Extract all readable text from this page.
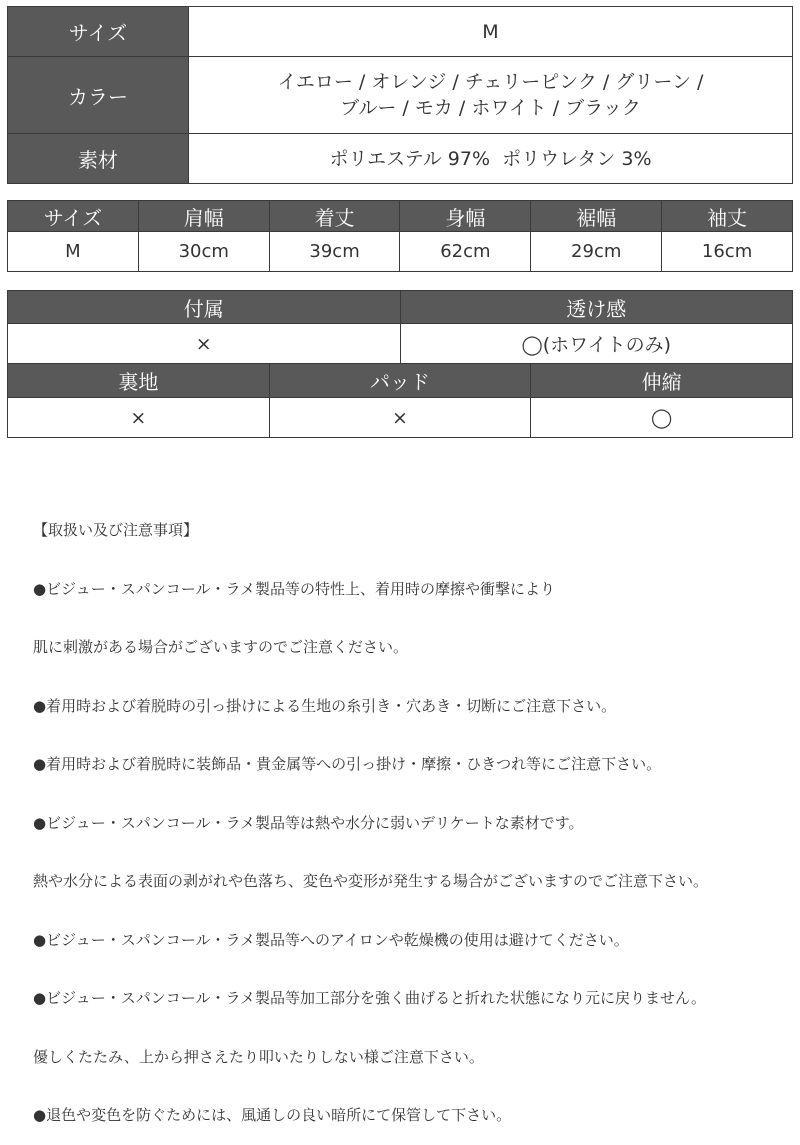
サイズ	M
カラー	イエロー / オレンジ / チェリーピンク / グリーン /
ブルー / モカ / ホワイト / ブラック

素材	ポリエステル 97%  ポリウレタン 3%
サイズ	肩幅	着丈	身幅	裾幅	袖丈
M	30cm	39cm	62cm	29cm	16cm
付属	透け感
×	◯(ホワイトのみ)
裏地	パッド	伸縮
×	×	◯

【取扱い及び注意事項】

●ビジュー・スパンコール・ラメ製品等の特性上、着用時の摩擦や衝撃により

肌に刺激がある場合がございますのでご注意ください。

●着用時および着脱時の引っ掛けによる生地の糸引き・穴あき・切断にご注意下さい。

●着用時および着脱時に装飾品・貴金属等への引っ掛け・摩擦・ひきつれ等にご注意下さい。

●ビジュー・スパンコール・ラメ製品等は熱や水分に弱いデリケートな素材です。

熱や水分による表面の剥がれや色落ち、変色や変形が発生する場合がございますのでご注意下さい。

●ビジュー・スパンコール・ラメ製品等へのアイロンや乾燥機の使用は避けてください。

●ビジュー・スパンコール・ラメ製品等加工部分を強く曲げると折れた状態になり元に戻りません。

優しくたたみ、上から押さえたり叩いたりしない様ご注意下さい。

●退色や変色を防ぐためには、風通しの良い暗所にて保管して下さい。
